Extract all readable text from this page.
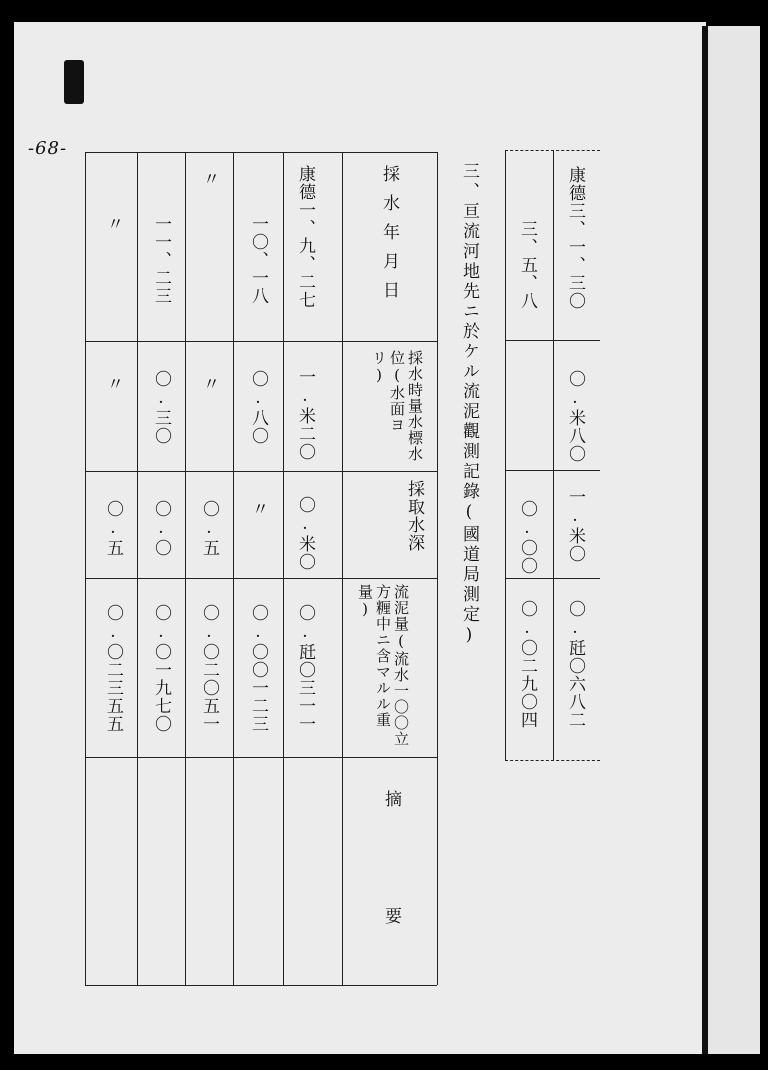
-68-
康德三、一、三〇
〇.米八〇
一.米〇
〇.瓩〇六八二
三、五、八
〇.〇〇
〇.〇二九〇四
三、亘流河地先ニ於ケル流泥觀測記錄(國道局測定)
採水年月日
採水時量水標水位(水面ヨリ)
採取水深
流泥量(流水一〇〇立方糎中ニ含マルル重量)
摘要
康德一、九、二七
一.米二〇
〇.米〇
〇.瓩〇三一一
一〇、一八
〇.八〇
〃
〇.〇〇一二三
〃
〃
〇.五
〇.〇二〇五一
一一、二三
〇.三〇
〇.〇
〇.〇一九七〇
〃
〃
〇.五
〇.〇二三五五
